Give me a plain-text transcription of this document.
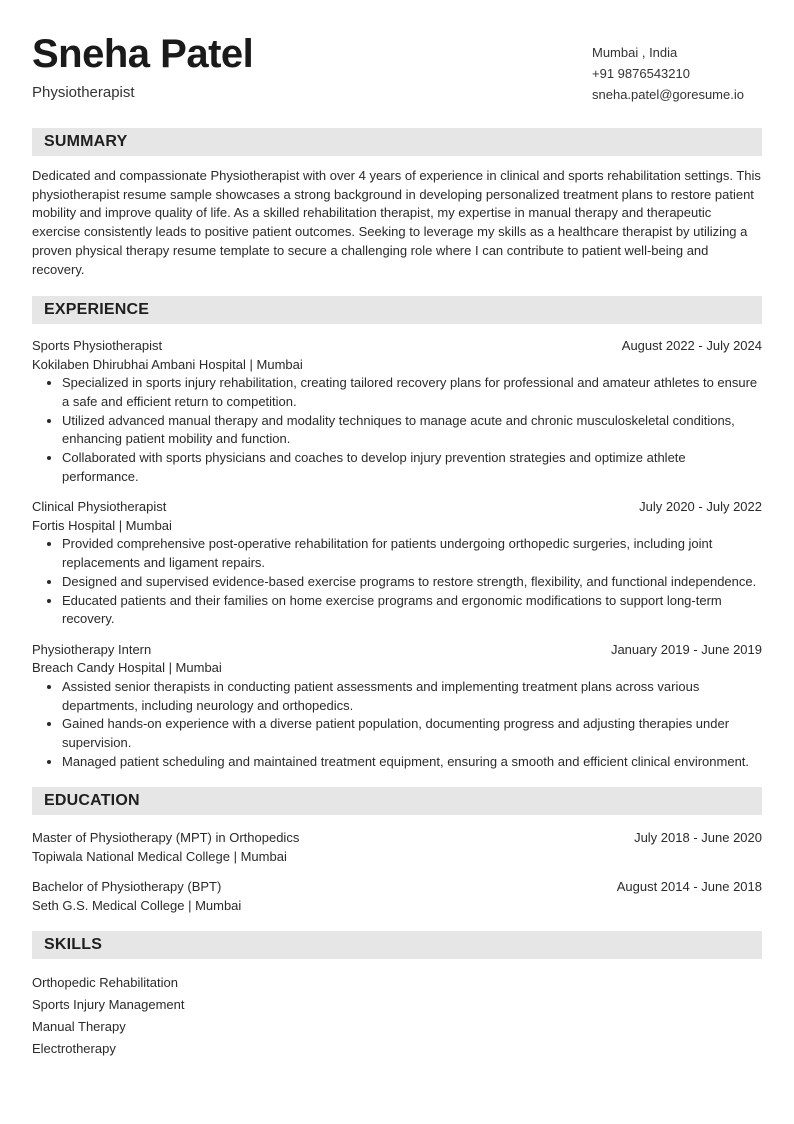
Sneha Patel
Physiotherapist
Mumbai , India
+91 9876543210
sneha.patel@goresume.io
SUMMARY

Dedicated and compassionate Physiotherapist with over 4 years of experience in clinical and sports rehabilitation settings. This physiotherapist resume sample showcases a strong background in developing personalized treatment plans to restore patient mobility and improve quality of life. As a skilled rehabilitation therapist, my expertise in manual therapy and therapeutic exercise consistently leads to positive patient outcomes. Seeking to leverage my skills as a healthcare therapist by utilizing a proven physical therapy resume template to secure a challenging role where I can contribute to patient well-being and recovery.

EXPERIENCE
Sports Physiotherapist	August 2022 - July 2024
Kokilaben Dhirubhai Ambani Hospital | Mumbai
• Specialized in sports injury rehabilitation, creating tailored recovery plans for professional and amateur athletes to ensure a safe and efficient return to competition.
• Utilized advanced manual therapy and modality techniques to manage acute and chronic musculoskeletal conditions, enhancing patient mobility and function.
• Collaborated with sports physicians and coaches to develop injury prevention strategies and optimize athlete performance.
Clinical Physiotherapist	July 2020 - July 2022
Fortis Hospital | Mumbai
• Provided comprehensive post-operative rehabilitation for patients undergoing orthopedic surgeries, including joint replacements and ligament repairs.
• Designed and supervised evidence-based exercise programs to restore strength, flexibility, and functional independence.
• Educated patients and their families on home exercise programs and ergonomic modifications to support long-term recovery.
Physiotherapy Intern	January 2019 - June 2019
Breach Candy Hospital | Mumbai
• Assisted senior therapists in conducting patient assessments and implementing treatment plans across various departments, including neurology and orthopedics.
• Gained hands-on experience with a diverse patient population, documenting progress and adjusting therapies under supervision.
• Managed patient scheduling and maintained treatment equipment, ensuring a smooth and efficient clinical environment.
EDUCATION
Master of Physiotherapy (MPT) in Orthopedics	July 2018 - June 2020
Topiwala National Medical College | Mumbai
Bachelor of Physiotherapy (BPT)	August 2014 - June 2018
Seth G.S. Medical College | Mumbai
SKILLS
Orthopedic Rehabilitation
Sports Injury Management
Manual Therapy
Electrotherapy
